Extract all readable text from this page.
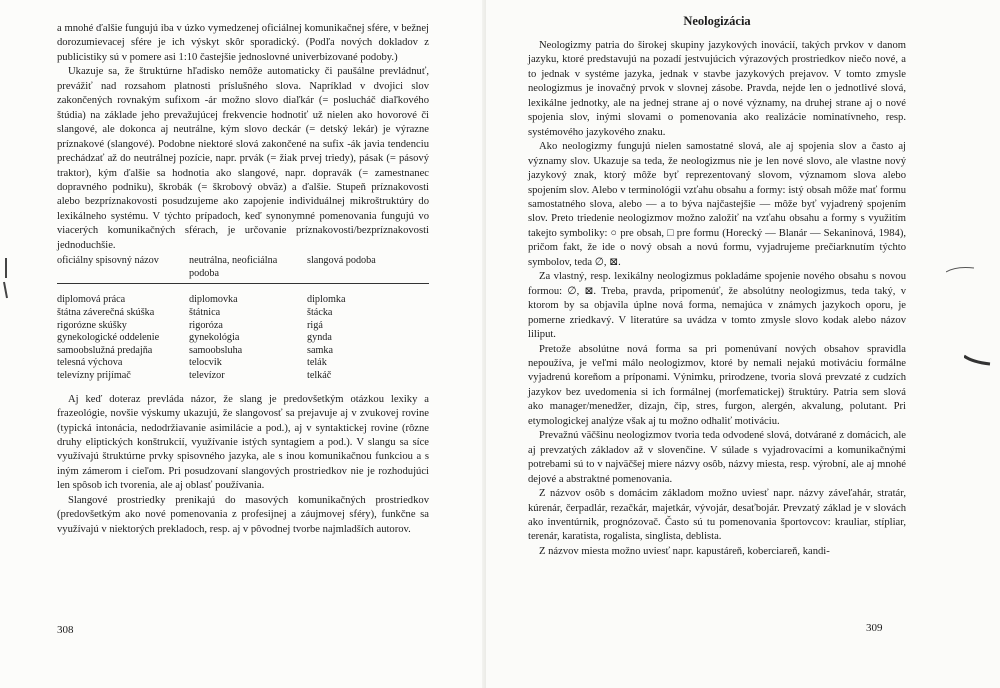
a mnohé ďalšie fungujú iba v úzko vymedzenej oficiálnej komunikačnej sfére, v bežnej dorozumievacej sfére je ich výskyt skôr sporadický. (Podľa nových dokladov z publicistiky sú v pomere asi 1:10 častejšie jednoslovné univerbizované podoby.)

Ukazuje sa, že štruktúrne hľadisko nemôže automaticky či paušálne prevládnuť, prevážiť nad rozsahom platnosti príslušného slova. Napríklad v dvojici slov zakončených rovnakým sufixom -ár možno slovo diaľkár (= poslucháč diaľkového štúdia) na základe jeho prevažujúcej frekvencie hodnotiť už nielen ako hovorové či slangové, ale dokonca aj neutrálne, kým slovo deckár (= detský lekár) je výrazne príznakové (slangové). Podobne niektoré slová zakončené na sufix -ák javia tendenciu prechádzať až do neutrálnej pozície, napr. prvák (= žiak prvej triedy), pásak (= pásový traktor), kým ďalšie sa hodnotia ako slangové, napr. dopravák (= zamestnanec dopravného podniku), škrobák (= škrobový obväz) a ďalšie. Stupeň príznakovosti alebo bezpríznakovosti posudzujeme ako zapojenie individuálnej mikroštruktúry do lexikálneho systému. V týchto prípadoch, keď synonymné pomenovania fungujú vo viacerých komunikačných sférach, je určovanie príznakovosti/bezpríznakovosti jednoduchšie.

oficiálny spisovný názov	neutrálna, neoficiálna podoba	slangová podoba
diplomová práca	diplomovka	diplomka
štátna záverečná skúška	štátnica	štácka
rigorózne skúšky	rigoróza	rigá
gynekologické oddelenie	gynekológia	gynda
samoobslužná predajňa	samoobsluha	samka
telesná výchova	telocvik	telák
televízny prijímač	televízor	telkáč

Aj keď doteraz prevláda názor, že slang je predovšetkým otázkou lexiky a frazeológie, novšie výskumy ukazujú, že slangovosť sa prejavuje aj v zvukovej rovine (typická intonácia, nedodržiavanie asimilácie a pod.), aj v syntaktickej rovine (rôzne druhy eliptických konštrukcií, využívanie istých syntagiem a pod.). V slangu sa síce využívajú štruktúrne prvky spisovného jazyka, ale s inou komunikačnou funkciou a s iným zámerom i cieľom. Pri posudzovaní slangových prostriedkov nie je rozhodujúci len spôsob ich tvorenia, ale aj oblasť používania.

Slangové prostriedky prenikajú do masových komunikačných prostriedkov (predovšetkým ako nové pomenovania z profesijnej a záujmovej sféry), funkčne sa využívajú v niektorých prekladoch, resp. aj v pôvodnej tvorbe najmladších autorov.

308
Neologizácia

Neologizmy patria do širokej skupiny jazykových inovácií, takých prvkov v danom jazyku, ktoré predstavujú na pozadí jestvujúcich výrazových prostriedkov niečo nové, a to jednak v systéme jazyka, jednak v stavbe jazykových prejavov. V tomto zmysle neologizmus je inovačný prvok v slovnej zásobe. Pravda, nejde len o jednotlivé slová, lexikálne jednotky, ale na jednej strane aj o nové významy, na druhej strane aj o nové spojenia slov, inými slovami o pomenovania ako realizácie nominatívneho, resp. systémového jazykového znaku.

Ako neologizmy fungujú nielen samostatné slová, ale aj spojenia slov a často aj významy slov. Ukazuje sa teda, že neologizmus nie je len nové slovo, ale vlastne nový jazykový znak, ktorý môže byť reprezentovaný slovom, významom slova alebo spojením slov. Alebo v terminológii vzťahu obsahu a formy: istý obsah môže mať formu samostatného slova, alebo — a to býva najčastejšie — môže byť vyjadrený spojením slov. Preto triedenie neologizmov možno založiť na vzťahu obsahu a formy s využitím takejto symboliky: ○ pre obsah, □ pre formu (Horecký — Blanár — Sekaninová, 1984), pričom fakt, že ide o nový obsah a novú formu, vyjadrujeme prečiarknutím týchto symbolov, teda ∅, ⊠.

Za vlastný, resp. lexikálny neologizmus pokladáme spojenie nového obsahu s novou formou: ∅, ⊠. Treba, pravda, pripomenúť, že absolútny neologizmus, teda taký, v ktorom by sa objavila úplne nová forma, nemajúca v známych jazykoch oporu, je pomerne zriedkavý. V literatúre sa uvádza v tomto zmysle slovo kodak alebo názov liliput.

Pretože absolútne nová forma sa pri pomenúvaní nových obsahov spravidla nepoužíva, je veľmi málo neologizmov, ktoré by nemali nejakú motiváciu formálne vyjadrenú koreňom a príponami. Výnimku, prirodzene, tvoria slová prevzaté z cudzích jazykov bez uvedomenia si ich formálnej (morfematickej) štruktúry. Patria sem slová ako manager/menedžer, dizajn, čip, stres, furgon, alergén, akvalung, polutant. Pri etymologickej analýze však aj tu možno odhaliť motiváciu.

Prevažnú väčšinu neologizmov tvoria teda odvodené slová, dotvárané z domácich, ale aj prevzatých základov až v slovenčine. V súlade s vyjadrovacími a komunikačnými potrebami sú to v najväčšej miere názvy osôb, názvy miesta, resp. výrobní, ale aj mnohé dejové a abstraktné pomenovania.

Z názvov osôb s domácim základom možno uviesť napr. názvy záveľahár, stratár, kúrenár, čerpadlár, rezačkár, majetkár, vývojár, desaťbojár. Prevzatý základ je v slovách ako inventúrnik, prognózovač. Často sú tu pomenovania športovcov: krauliar, stípliar, terenár, karatista, rogalista, singlista, deblista.

Z názvov miesta možno uviesť napr. kapustáreň, koberciareň, kandi-

309
